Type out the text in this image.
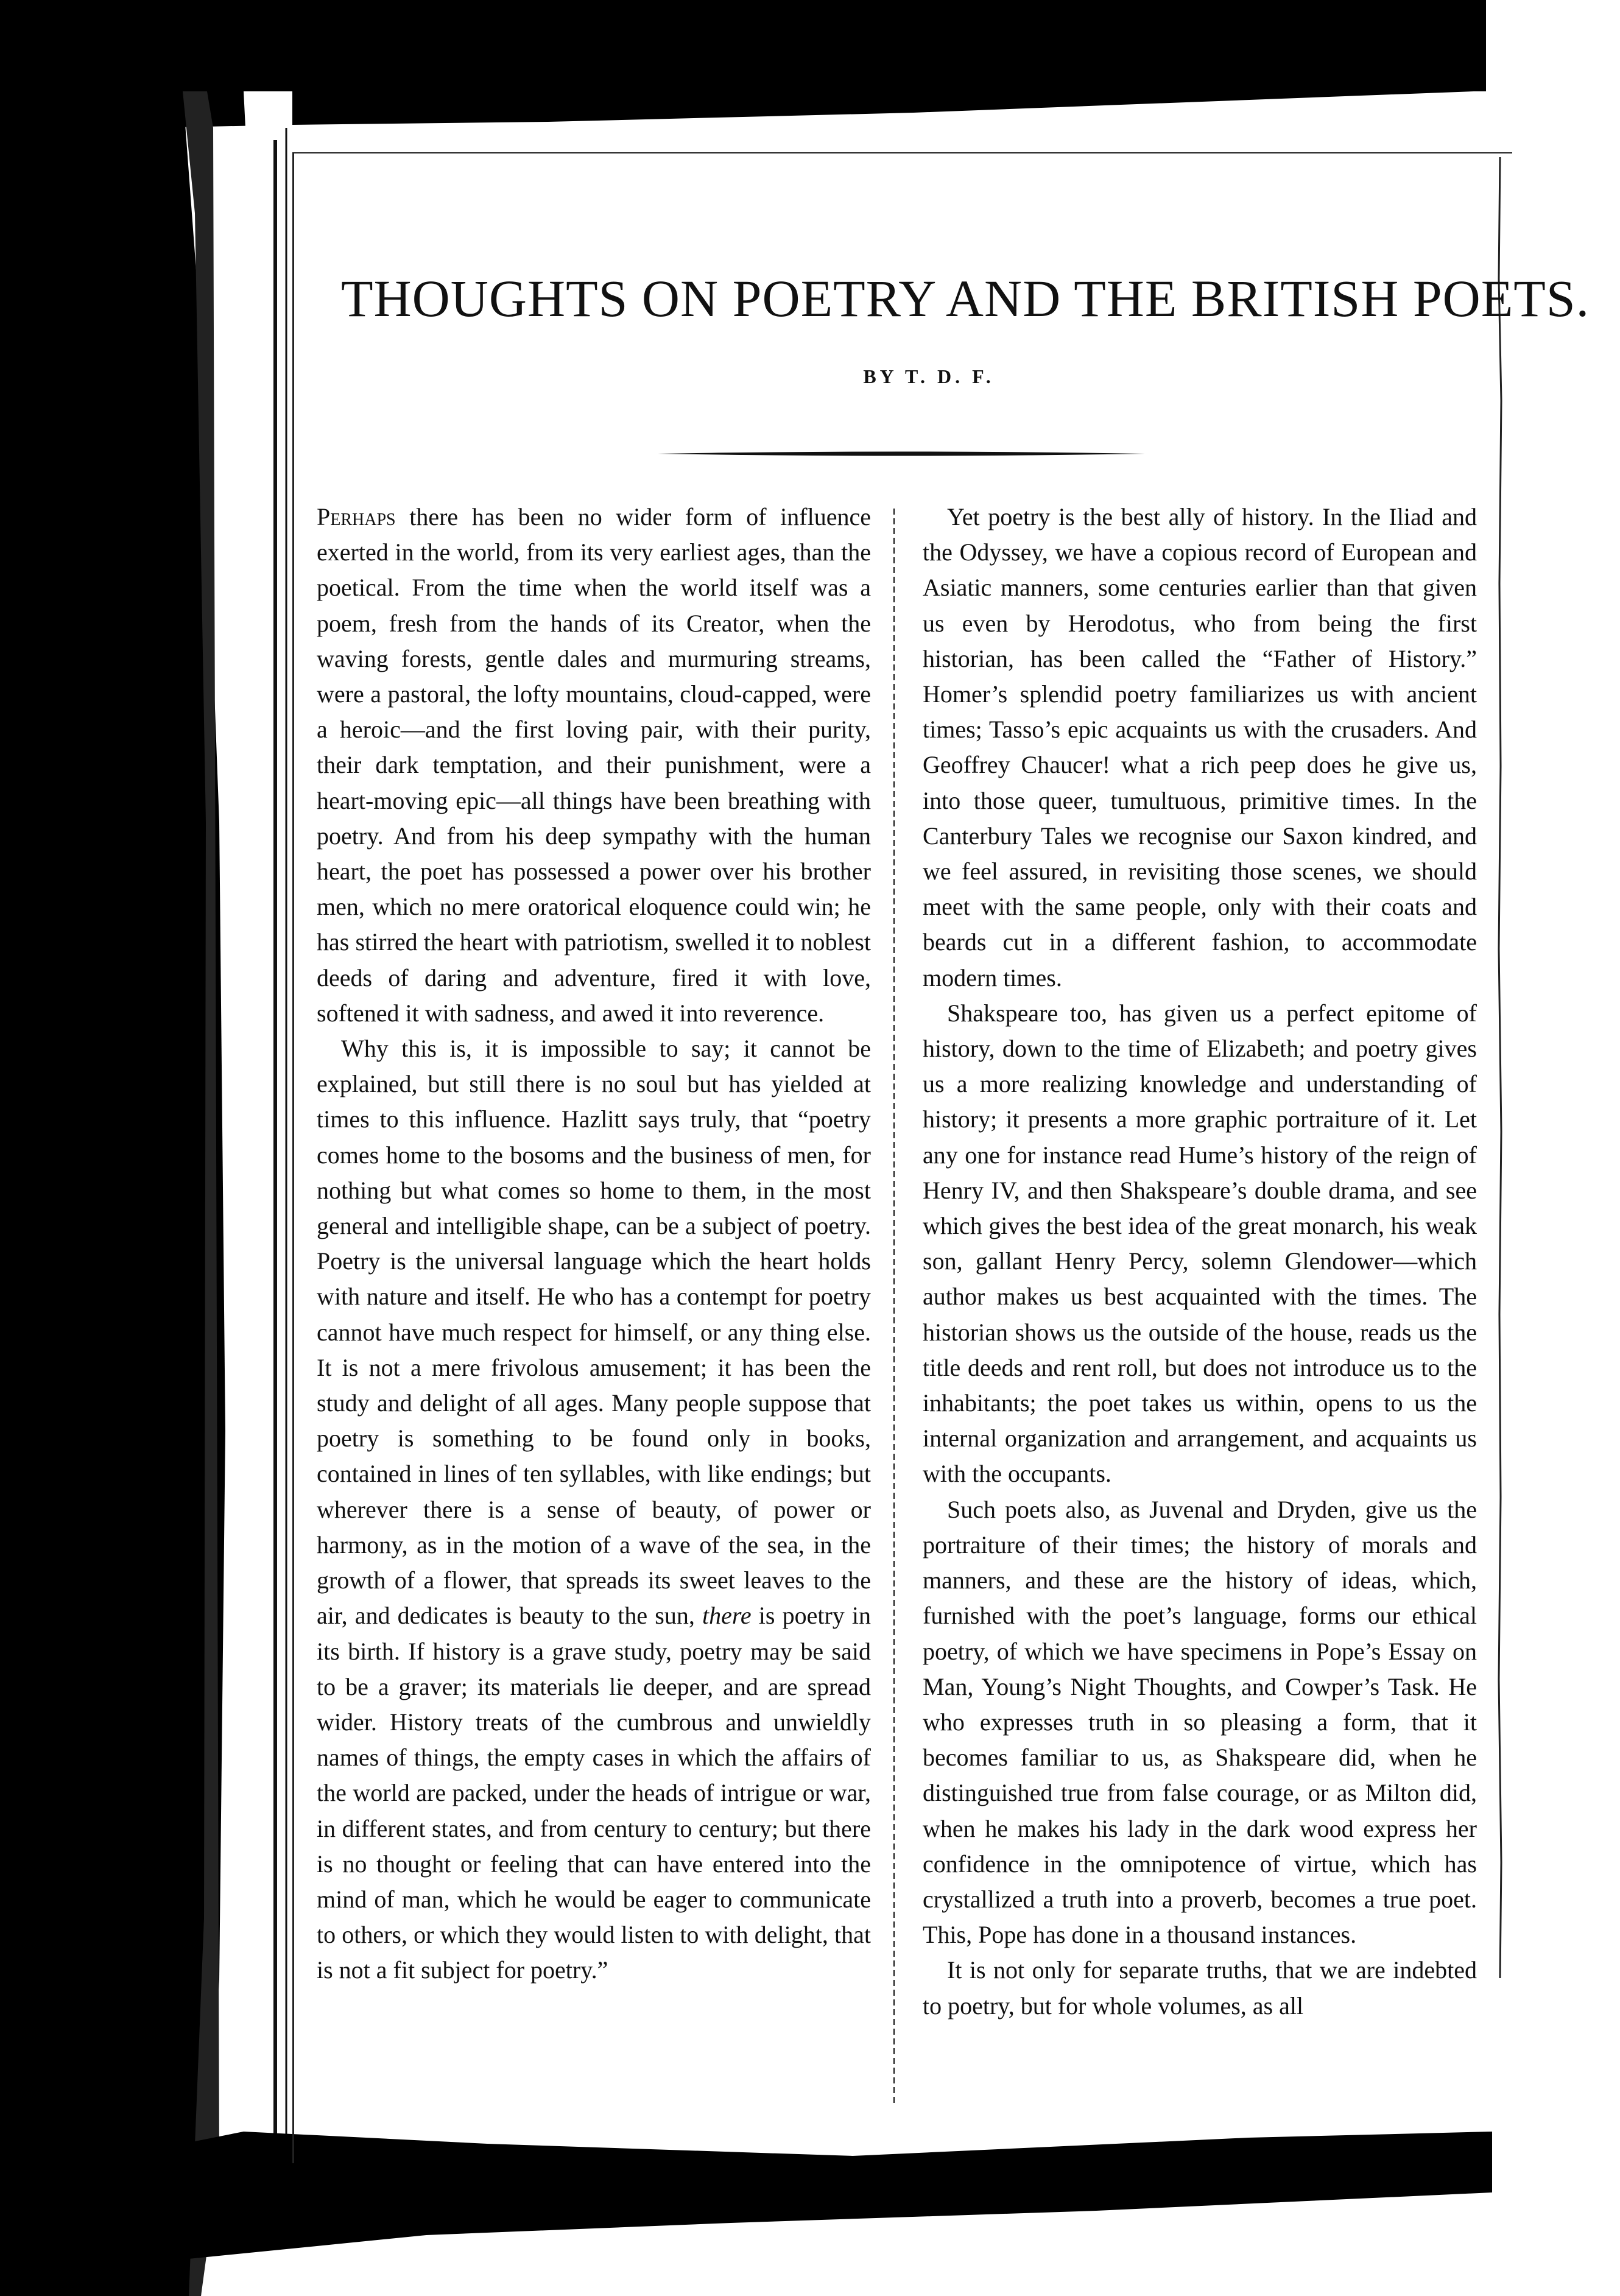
THOUGHTS ON POETRY AND THE BRITISH POETS.
BY T. D. F.

Perhaps there has been no wider form of influence exerted in the world, from its very earliest ages, than the poetical. From the time when the world itself was a poem, fresh from the hands of its Creator, when the waving forests, gentle dales and murmuring streams, were a pastoral, the lofty mountains, cloud-capped, were a heroic—and the first loving pair, with their purity, their dark temptation, and their punishment, were a heart-moving epic—all things have been breathing with poetry. And from his deep sympathy with the human heart, the poet has possessed a power over his brother men, which no mere oratorical eloquence could win; he has stirred the heart with patriotism, swelled it to noblest deeds of daring and adventure, fired it with love, softened it with sadness, and awed it into reverence.

Why this is, it is impossible to say; it cannot be explained, but still there is no soul but has yielded at times to this influence. Hazlitt says truly, that “poetry comes home to the bosoms and the business of men, for nothing but what comes so home to them, in the most general and intelligible shape, can be a subject of poetry. Poetry is the universal language which the heart holds with nature and itself. He who has a contempt for poetry cannot have much respect for himself, or any thing else. It is not a mere frivolous amusement; it has been the study and delight of all ages. Many people suppose that poetry is something to be found only in books, contained in lines of ten syllables, with like endings; but wherever there is a sense of beauty, of power or harmony, as in the motion of a wave of the sea, in the growth of a flower, that spreads its sweet leaves to the air, and dedicates is beauty to the sun, there is poetry in its birth. If history is a grave study, poetry may be said to be a graver; its materials lie deeper, and are spread wider. History treats of the cumbrous and unwieldly names of things, the empty cases in which the affairs of the world are packed, under the heads of intrigue or war, in different states, and from century to century; but there is no thought or feeling that can have entered into the mind of man, which he would be eager to communicate to others, or which they would listen to with delight, that is not a fit subject for poetry.”

Yet poetry is the best ally of history. In the Iliad and the Odyssey, we have a copious record of European and Asiatic manners, some centuries earlier than that given us even by Herodotus, who from being the first historian, has been called the “Father of History.” Homer’s splendid poetry familiarizes us with ancient times; Tasso’s epic acquaints us with the crusaders. And Geoffrey Chaucer! what a rich peep does he give us, into those queer, tumultuous, primitive times. In the Canterbury Tales we recognise our Saxon kindred, and we feel assured, in revisiting those scenes, we should meet with the same people, only with their coats and beards cut in a different fashion, to accommodate modern times.

Shakspeare too, has given us a perfect epitome of history, down to the time of Elizabeth; and poetry gives us a more realizing knowledge and understanding of history; it presents a more graphic portraiture of it. Let any one for instance read Hume’s history of the reign of Henry IV, and then Shakspeare’s double drama, and see which gives the best idea of the great monarch, his weak son, gallant Henry Percy, solemn Glendower—which author makes us best acquainted with the times. The historian shows us the outside of the house, reads us the title deeds and rent roll, but does not introduce us to the inhabitants; the poet takes us within, opens to us the internal organization and arrangement, and acquaints us with the occupants.

Such poets also, as Juvenal and Dryden, give us the portraiture of their times; the history of morals and manners, and these are the history of ideas, which, furnished with the poet’s language, forms our ethical poetry, of which we have specimens in Pope’s Essay on Man, Young’s Night Thoughts, and Cowper’s Task. He who expresses truth in so pleasing a form, that it becomes familiar to us, as Shakspeare did, when he distinguished true from false courage, or as Milton did, when he makes his lady in the dark wood express her confidence in the omnipotence of virtue, which has crystallized a truth into a proverb, becomes a true poet. This, Pope has done in a thousand instances.

It is not only for separate truths, that we are indebted to poetry, but for whole volumes, as all
